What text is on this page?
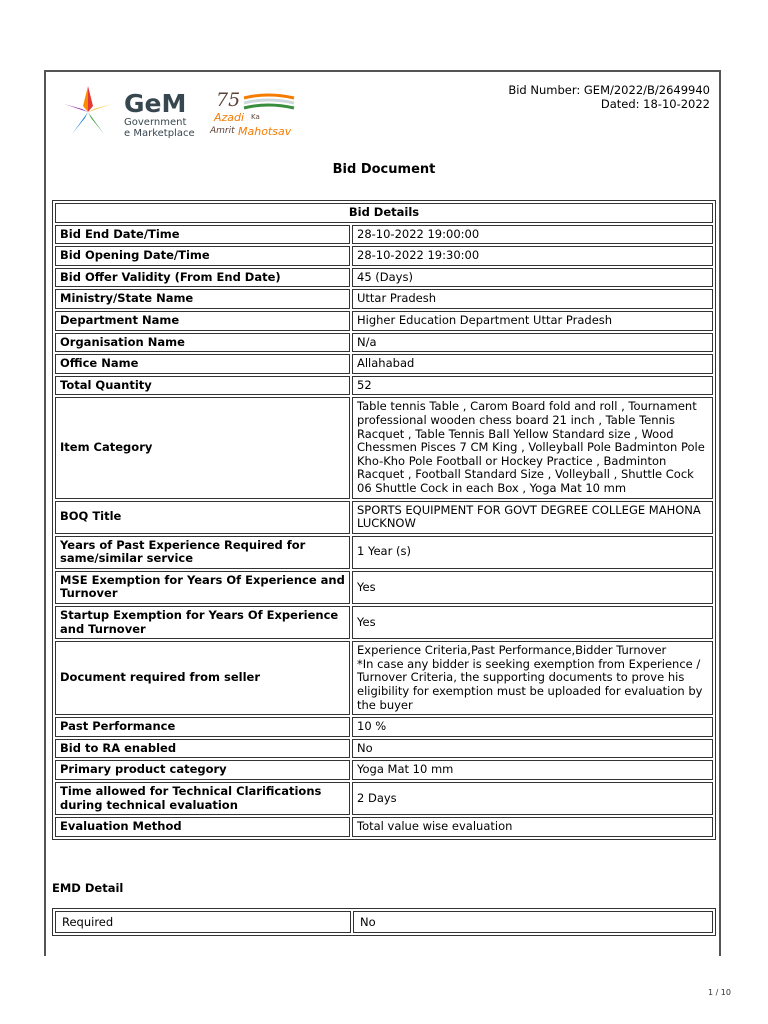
GeM
Government
e Marketplace
75
Azadi Ka
Amrit Mahotsav
Bid Number: GEM/2022/B/2649940
Dated: 18-10-2022
Bid Document
Bid Details	
Bid End Date/Time	28-10-2022 19:00:00
Bid Opening Date/Time	28-10-2022 19:30:00
Bid Offer Validity (From End Date)	45 (Days)
Ministry/State Name	Uttar Pradesh
Department Name	Higher Education Department Uttar Pradesh
Organisation Name	N/a
Office Name	Allahabad
Total Quantity	52
Item Category	Table tennis Table , Carom Board fold and roll , Tournament professional wooden chess board 21 inch , Table Tennis Racquet , Table Tennis Ball Yellow Standard size , Wood Chessmen Pisces 7 CM King , Volleyball Pole Badminton Pole Kho-Kho Pole Football or Hockey Practice , Badminton Racquet , Football Standard Size , Volleyball , Shuttle Cock 06 Shuttle Cock in each Box , Yoga Mat 10 mm
BOQ Title	SPORTS EQUIPMENT FOR GOVT DEGREE COLLEGE MAHONA LUCKNOW
Years of Past Experience Required for same/similar service	1 Year (s)
MSE Exemption for Years Of Experience and Turnover	Yes
Startup Exemption for Years Of Experience and Turnover	Yes
Document required from seller	Experience Criteria,Past Performance,Bidder Turnover
*In case any bidder is seeking exemption from Experience / Turnover Criteria, the supporting documents to prove his eligibility for exemption must be uploaded for evaluation by the buyer
Past Performance	10 %
Bid to RA enabled	No
Primary product category	Yoga Mat 10 mm
Time allowed for Technical Clarifications during technical evaluation	2 Days
Evaluation Method	Total value wise evaluation
EMD Detail
Required	No
1 / 10
